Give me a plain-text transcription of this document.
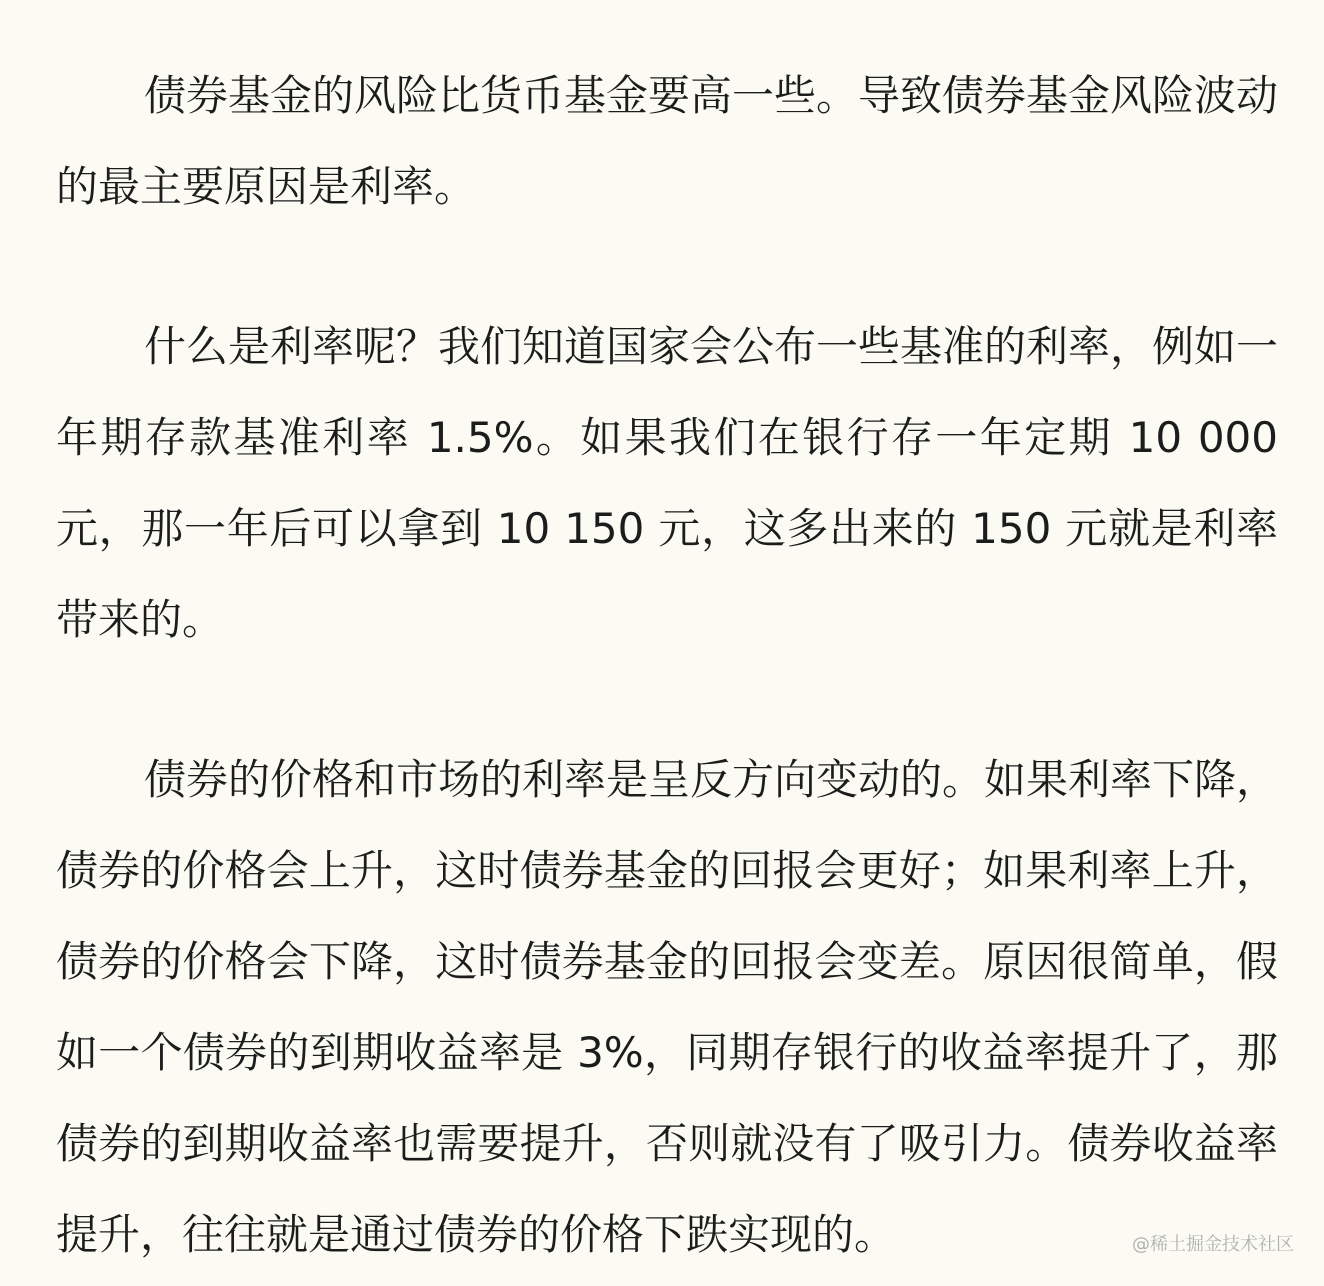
债券基金的风险比货币基金要高一些。导致债券基金风险波动的最主要原因是利率。

什么是利率呢？我们知道国家会公布一些基准的利率，例如一年期存款基准利率 1.5%。如果我们在银行存一年定期 10 000 元，那一年后可以拿到 10 150 元，这多出来的 150 元就是利率带来的。

债券的价格和市场的利率是呈反方向变动的。如果利率下降，债券的价格会上升，这时债券基金的回报会更好；如果利率上升，债券的价格会下降，这时债券基金的回报会变差。原因很简单，假如一个债券的到期收益率是 3%，同期存银行的收益率提升了，那债券的到期收益率也需要提升，否则就没有了吸引力。债券收益率提升，往往就是通过债券的价格下跌实现的。	@稀土掘金技术社区
